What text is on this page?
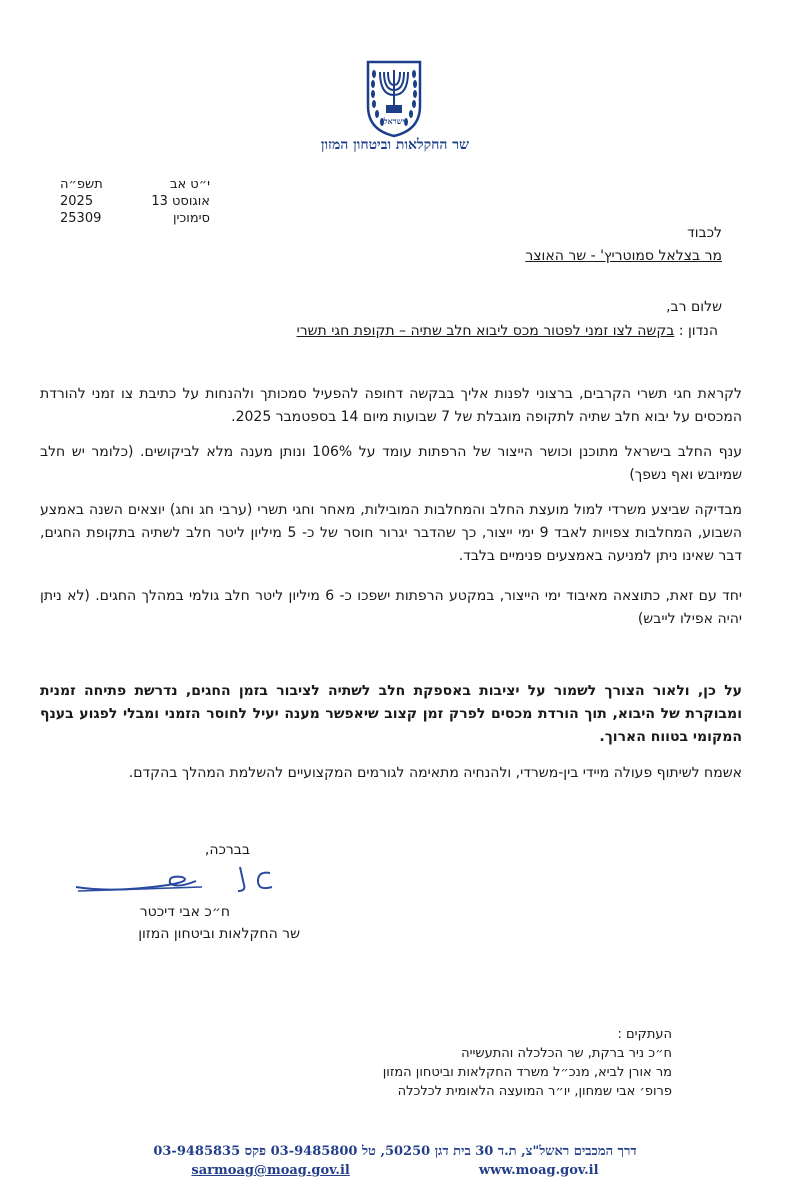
ישראל
שר החקלאות וביטחון המזון
תשפ״ה	י״ט אב
2025	13 אוגוסט
25309	סימוכין
לכבוד
מר בצלאל סמוטריץ' - שר האוצר
שלום רב,
הנדון : בקשה לצו זמני לפטור מכס ליבוא חלב שתיה – תקופת חגי תשרי
לקראת חגי תשרי הקרבים, ברצוני לפנות אליך בבקשה דחופה להפעיל סמכותך ולהנחות על כתיבת צו זמני להורדת המכסים על יבוא חלב שתיה לתקופה מוגבלת של 7 שבועות מיום 14 בספטמבר 2025.
ענף החלב בישראל מתוכנן וכושר הייצור של הרפתות עומד על 106% ונותן מענה מלא לביקושים. (כלומר יש חלב שמיובש ואף נשפך)
מבדיקה שביצע משרדי למול מועצת החלב והמחלבות המובילות, מאחר וחגי תשרי (ערבי חג וחג) יוצאים השנה באמצע השבוע, המחלבות צפויות לאבד 9 ימי ייצור, כך שהדבר יגרור חוסר של כ- 5 מיליון ליטר חלב לשתיה בתקופת החגים, דבר שאינו ניתן למניעה באמצעים פנימיים בלבד.
יחד עם זאת, כתוצאה מאיבוד ימי הייצור, במקטע הרפתות ישפכו כ- 6 מיליון ליטר חלב גולמי במהלך החגים. (לא ניתן יהיה אפילו לייבש)
על כן, ולאור הצורך לשמור על יציבות באספקת חלב לשתיה לציבור בזמן החגים, נדרשת פתיחה זמנית ומבוקרת של היבוא, תוך הורדת מכסים לפרק זמן קצוב שיאפשר מענה יעיל לחוסר הזמני ומבלי לפגוע בענף המקומי בטווח הארוך.
אשמח לשיתוף פעולה מיידי בין-משרדי, ולהנחיה מתאימה לגורמים המקצועיים להשלמת המהלך בהקדם.
בברכה,
ח״כ אבי דיכטר
שר החקלאות וביטחון המזון
העתקים :
ח״כ ניר ברקת, שר הכלכלה והתעשייה
מר אורן לביא, מנכ״ל משרד החקלאות וביטחון המזון
פרופ׳ אבי שמחון, יו״ר המועצה הלאומית לכלכלה
דרך המכבים ראשל"צ, ת.ד 30 בית דגן 50250, טל 03-9485800 פקס 03-9485835
sarmoag@moag.gov.il	www.moag.gov.il
